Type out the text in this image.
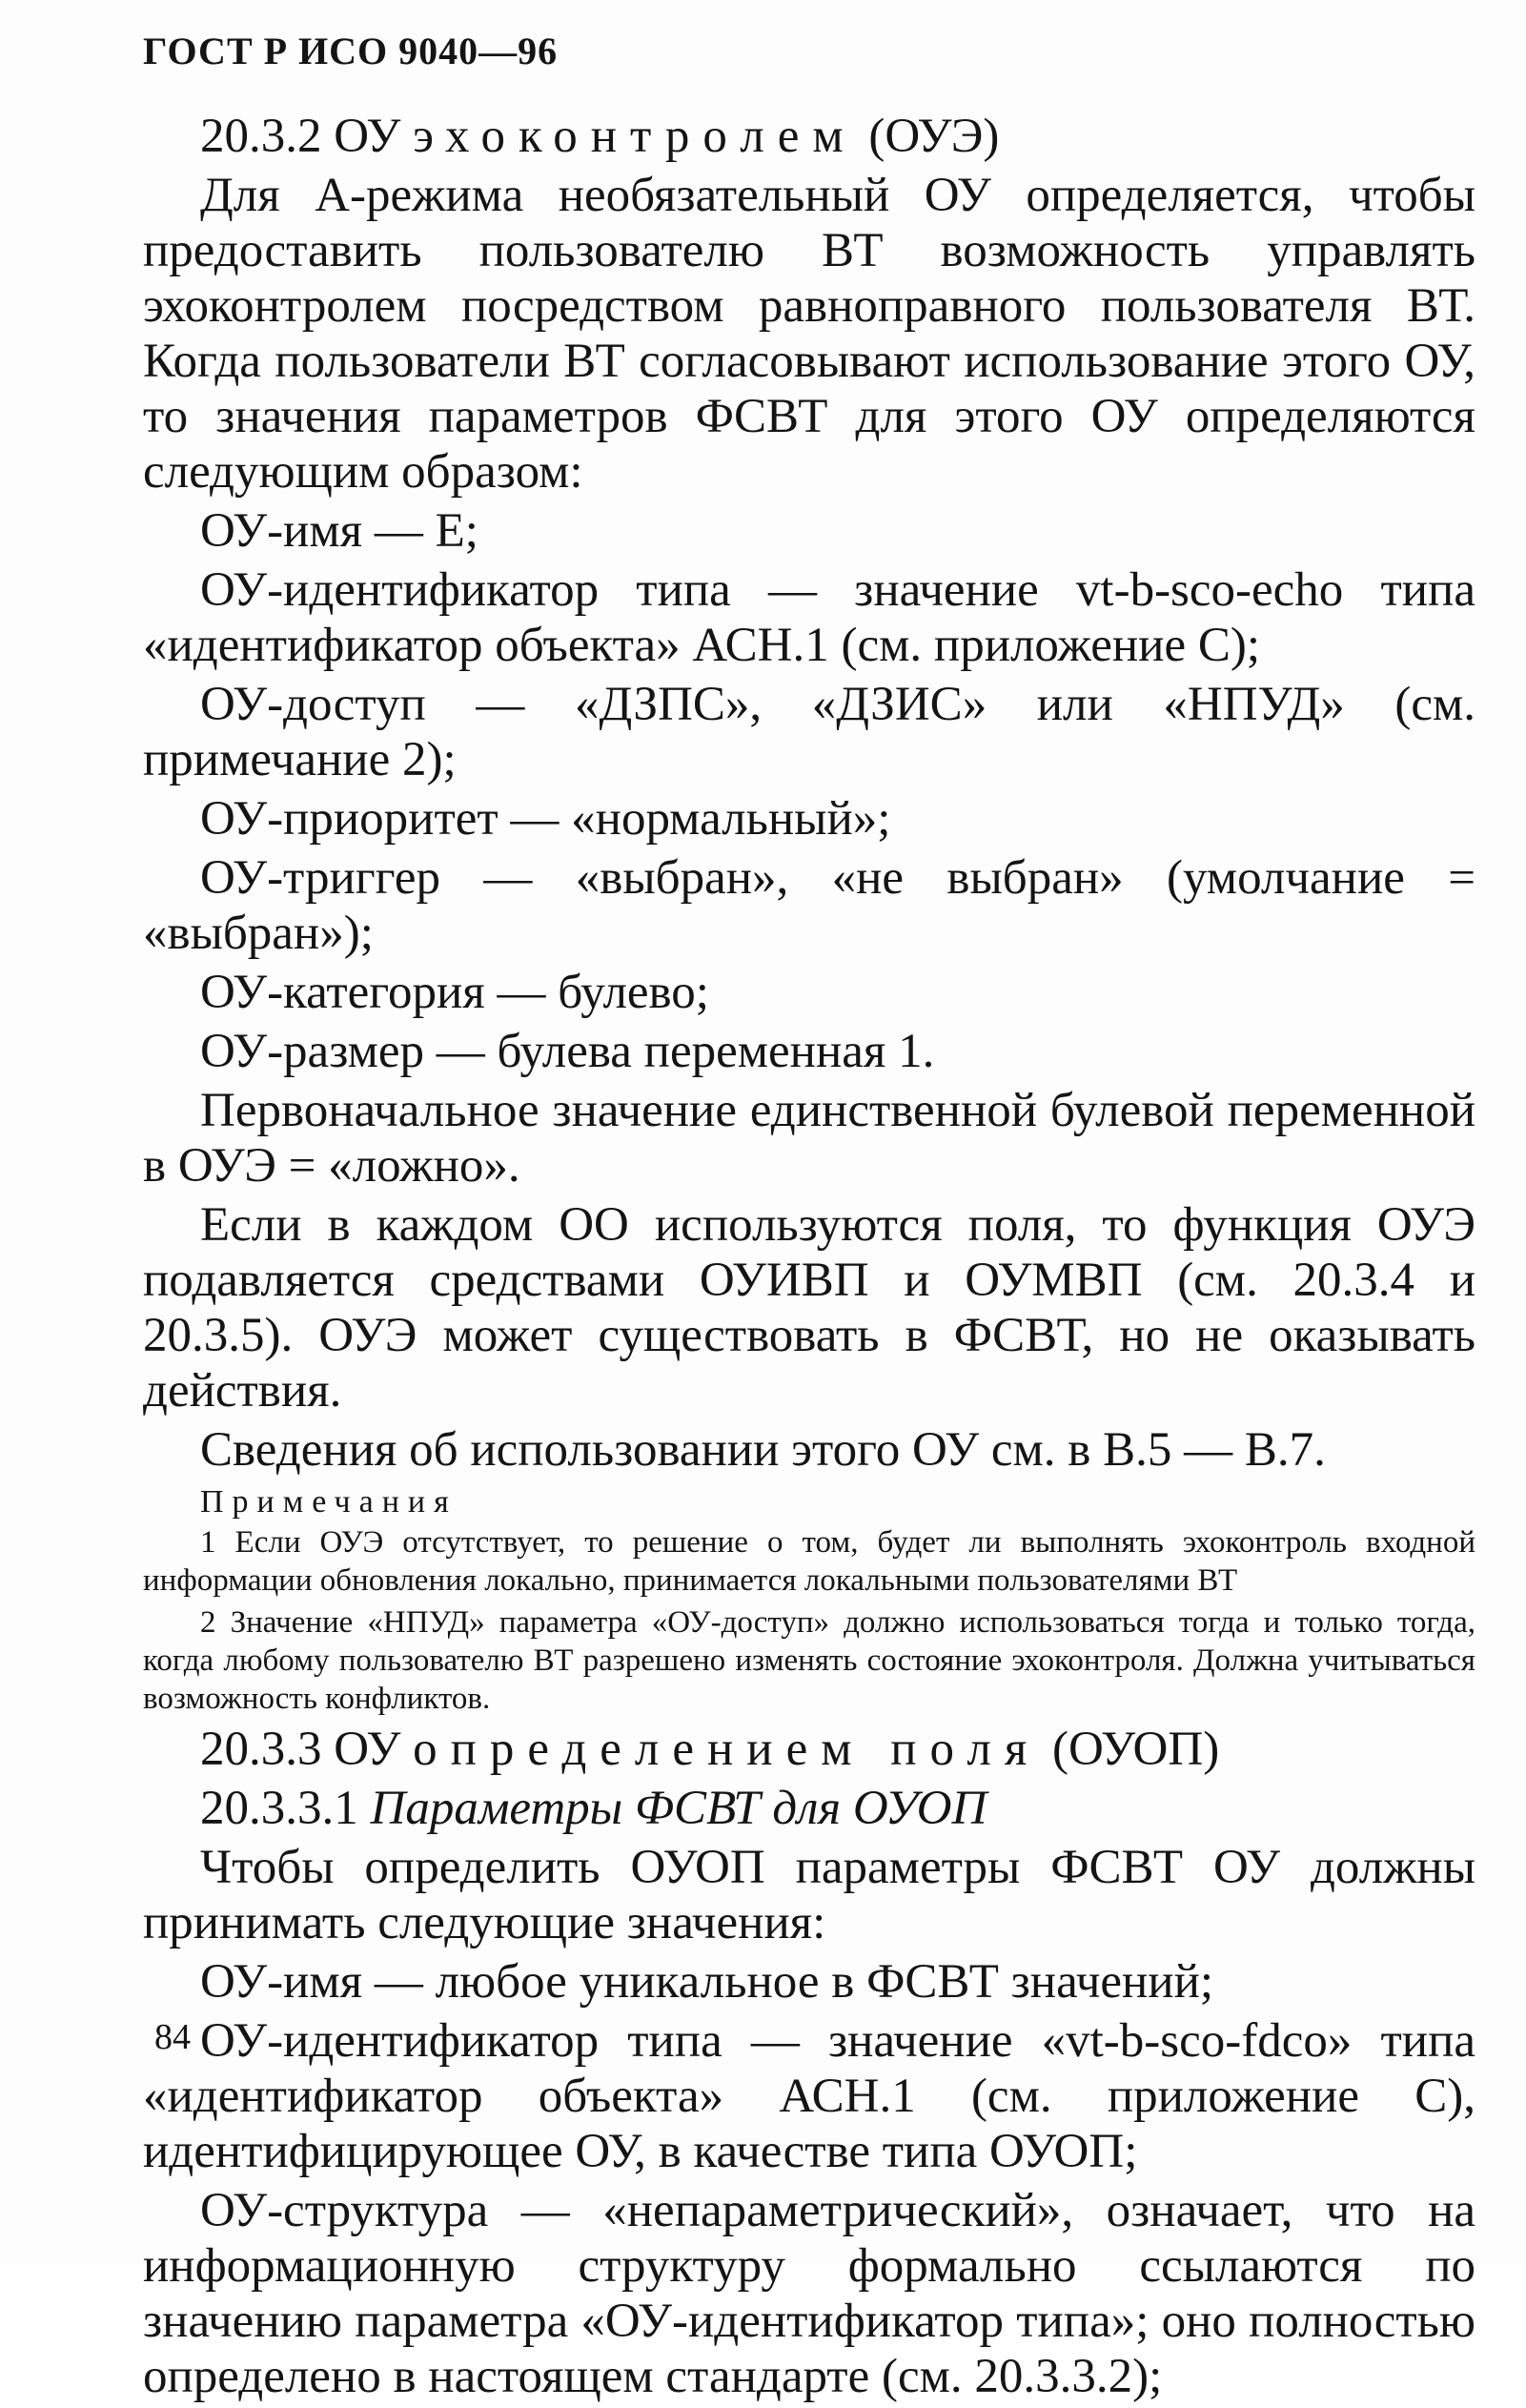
ГОСТ Р ИСО 9040—96
20.3.2 ОУ эхоконтролем (ОУЭ)

Для А-режима необязательный ОУ определяется, чтобы предоставить пользователю ВТ возможность управлять эхоконтролем посредством равноправного пользователя ВТ. Когда пользователи ВТ согласовывают использование этого ОУ, то значения параметров ФСВТ для этого ОУ определяются следующим образом:

ОУ-имя — Е;

ОУ-идентификатор типа — значение vt-b-sco-echo типа «идентификатор объекта» АСН.1 (см. приложение С);

ОУ-доступ — «ДЗПС», «ДЗИС» или «НПУД» (см. примечание 2);

ОУ-приоритет — «нормальный»;

ОУ-триггер — «выбран», «не выбран» (умолчание = «выбран»);

ОУ-категория — булево;

ОУ-размер — булева переменная 1.

Первоначальное значение единственной булевой переменной в ОУЭ = «ложно».

Если в каждом ОО используются поля, то функция ОУЭ подавляется средствами ОУИВП и ОУМВП (см. 20.3.4 и 20.3.5). ОУЭ может существовать в ФСВТ, но не оказывать действия.

Сведения об использовании этого ОУ см. в В.5 — В.7.

Примечания

1 Если ОУЭ отсутствует, то решение о том, будет ли выполнять эхоконтроль входной информации обновления локально, принимается локальными пользователями ВТ

2 Значение «НПУД» параметра «ОУ-доступ» должно использоваться тогда и только тогда, когда любому пользователю ВТ разрешено изменять состояние эхоконтроля. Должна учитываться возможность конфликтов.

20.3.3 ОУ определением поля (ОУОП)
20.3.3.1 Параметры ФСВТ для ОУОП

Чтобы определить ОУОП параметры ФСВТ ОУ должны принимать следующие значения:

ОУ-имя — любое уникальное в ФСВТ значений;

ОУ-идентификатор типа — значение «vt-b-sco-fdco» типа «идентификатор объекта» АСН.1 (см. приложение С), идентифицирующее ОУ, в качестве типа ОУОП;

ОУ-структура — «непараметрический», означает, что на информационную структуру формально ссылаются по значению параметра «ОУ-идентификатор типа»; оно полностью определено в настоящем стандарте (см. 20.3.3.2);

84
